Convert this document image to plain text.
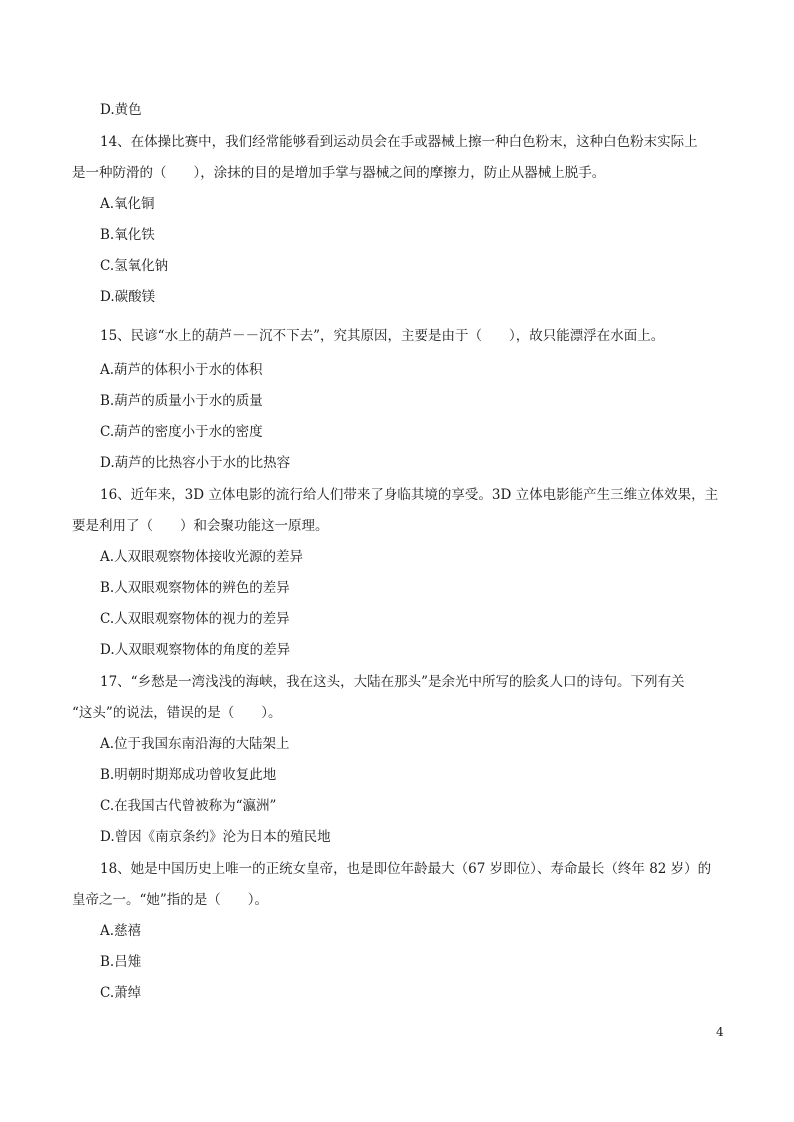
D.黄色
14、在体操比赛中，我们经常能够看到运动员会在手或器械上擦一种白色粉末，这种白色粉末实际上
是一种防滑的（　　），涂抹的目的是增加手掌与器械之间的摩擦力，防止从器械上脱手。
A.氧化铜
B.氧化铁
C.氢氧化钠
D.碳酸镁
15、民谚“水上的葫芦－－沉不下去”，究其原因，主要是由于（　　），故只能漂浮在水面上。
A.葫芦的体积小于水的体积
B.葫芦的质量小于水的质量
C.葫芦的密度小于水的密度
D.葫芦的比热容小于水的比热容
16、近年来，3D 立体电影的流行给人们带来了身临其境的享受。3D 立体电影能产生三维立体效果，主
要是利用了（　　）和会聚功能这一原理。
A.人双眼观察物体接收光源的差异
B.人双眼观察物体的辨色的差异
C.人双眼观察物体的视力的差异
D.人双眼观察物体的角度的差异
17、“乡愁是一湾浅浅的海峡，我在这头，大陆在那头”是余光中所写的脍炙人口的诗句。下列有关
“这头”的说法，错误的是（　　）。
A.位于我国东南沿海的大陆架上
B.明朝时期郑成功曾收复此地
C.在我国古代曾被称为“瀛洲”
D.曾因《南京条约》沦为日本的殖民地
18、她是中国历史上唯一的正统女皇帝，也是即位年龄最大（67 岁即位）、寿命最长（终年 82 岁）的
皇帝之一。“她”指的是（　　）。
A.慈禧
B.吕雉
C.萧绰
4
